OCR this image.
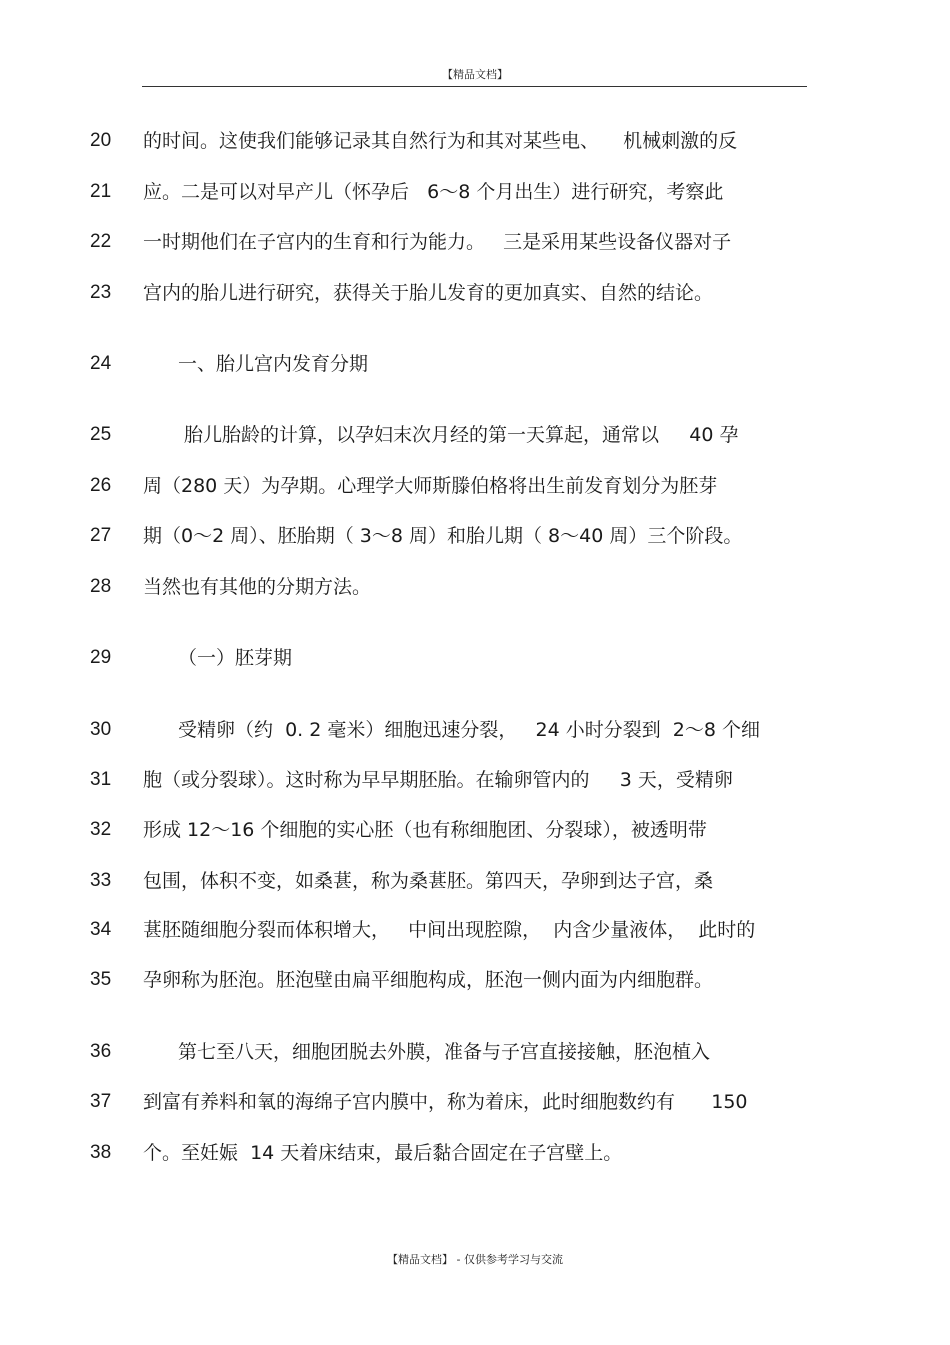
【精品文档】
20 的时间。这使我们能够记录其自然行为和其对某些电、    机械刺激的反
21 应。二是可以对早产儿（怀孕后   6～8 个月出生）进行研究，考察此
22 一时期他们在子宫内的生育和行为能力。   三是采用某些设备仪器对子
23 宫内的胎儿进行研究，获得关于胎儿发育的更加真实、自然的结论。
24	一、胎儿宫内发育分期
25	胎儿胎龄的计算，以孕妇末次月经的第一天算起，通常以     40 孕
26 周（280 天）为孕期。心理学大师斯滕伯格将出生前发育划分为胚芽
27 期（0～2 周）、胚胎期（ 3～8 周）和胎儿期（ 8～40 周）三个阶段。
28 当然也有其他的分期方法。
29	（一）胚芽期
30	受精卵（约  0. 2 毫米）细胞迅速分裂，   24 小时分裂到  2～8 个细
31 胞（或分裂球）。这时称为早早期胚胎。在输卵管内的     3 天，受精卵
32 形成 12～16 个细胞的实心胚（也有称细胞团、分裂球），被透明带
33 包围，体积不变，如桑葚，称为桑葚胚。第四天，孕卵到达子宫，桑
34 葚胚随细胞分裂而体积增大，   中间出现腔隙，  内含少量液体，  此时的
35 孕卵称为胚泡。胚泡壁由扁平细胞构成，胚泡一侧内面为内细胞群。
36	第七至八天，细胞团脱去外膜，准备与子宫直接接触，胚泡植入
37 到富有养料和氧的海绵子宫内膜中，称为着床，此时细胞数约有      150
38 个。至妊娠  14 天着床结束，最后黏合固定在子宫壁上。
【精品文档】 - 仅供参考学习与交流
